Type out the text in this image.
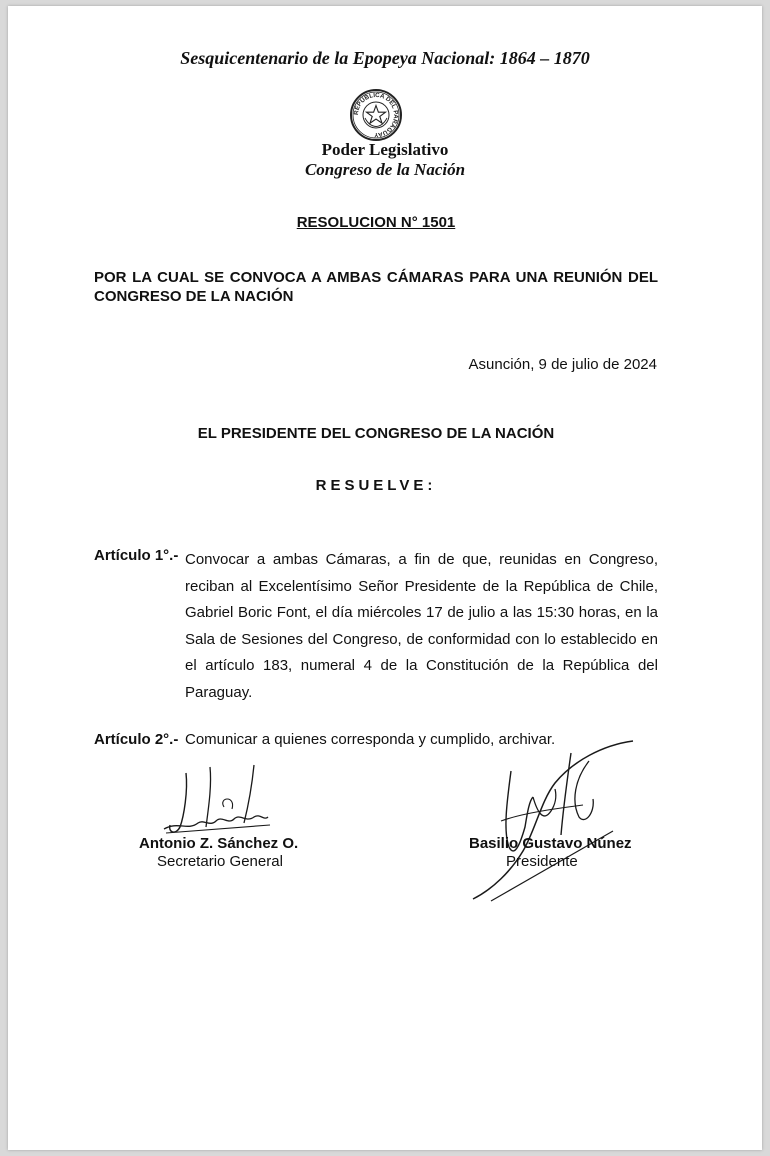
Sesquicentenario de la Epopeya Nacional: 1864 – 1870
REPÚBLICA DEL PARAGUAY
Poder Legislativo
Congreso de la Nación
RESOLUCION N° 1501
POR LA CUAL SE CONVOCA A AMBAS CÁMARAS PARA UNA REUNIÓN DEL CONGRESO DE LA NACIÓN
Asunción, 9 de julio de 2024
EL PRESIDENTE DEL CONGRESO DE LA NACIÓN
RESUELVE:
Artículo 1°.- Convocar a ambas Cámaras, a fin de que, reunidas en Congreso, reciban al Excelentísimo Señor Presidente de la República de Chile, Gabriel Boric Font, el día miércoles 17 de julio a las 15:30 horas, en la Sala de Sesiones del Congreso, de conformidad con lo establecido en el artículo 183, numeral 4 de la Constitución de la República del Paraguay.
Artículo 2°.- Comunicar a quienes corresponda y cumplido, archivar.
Antonio Z. Sánchez O.
Secretario General
Basilio Gustavo Núnez
Presidente
